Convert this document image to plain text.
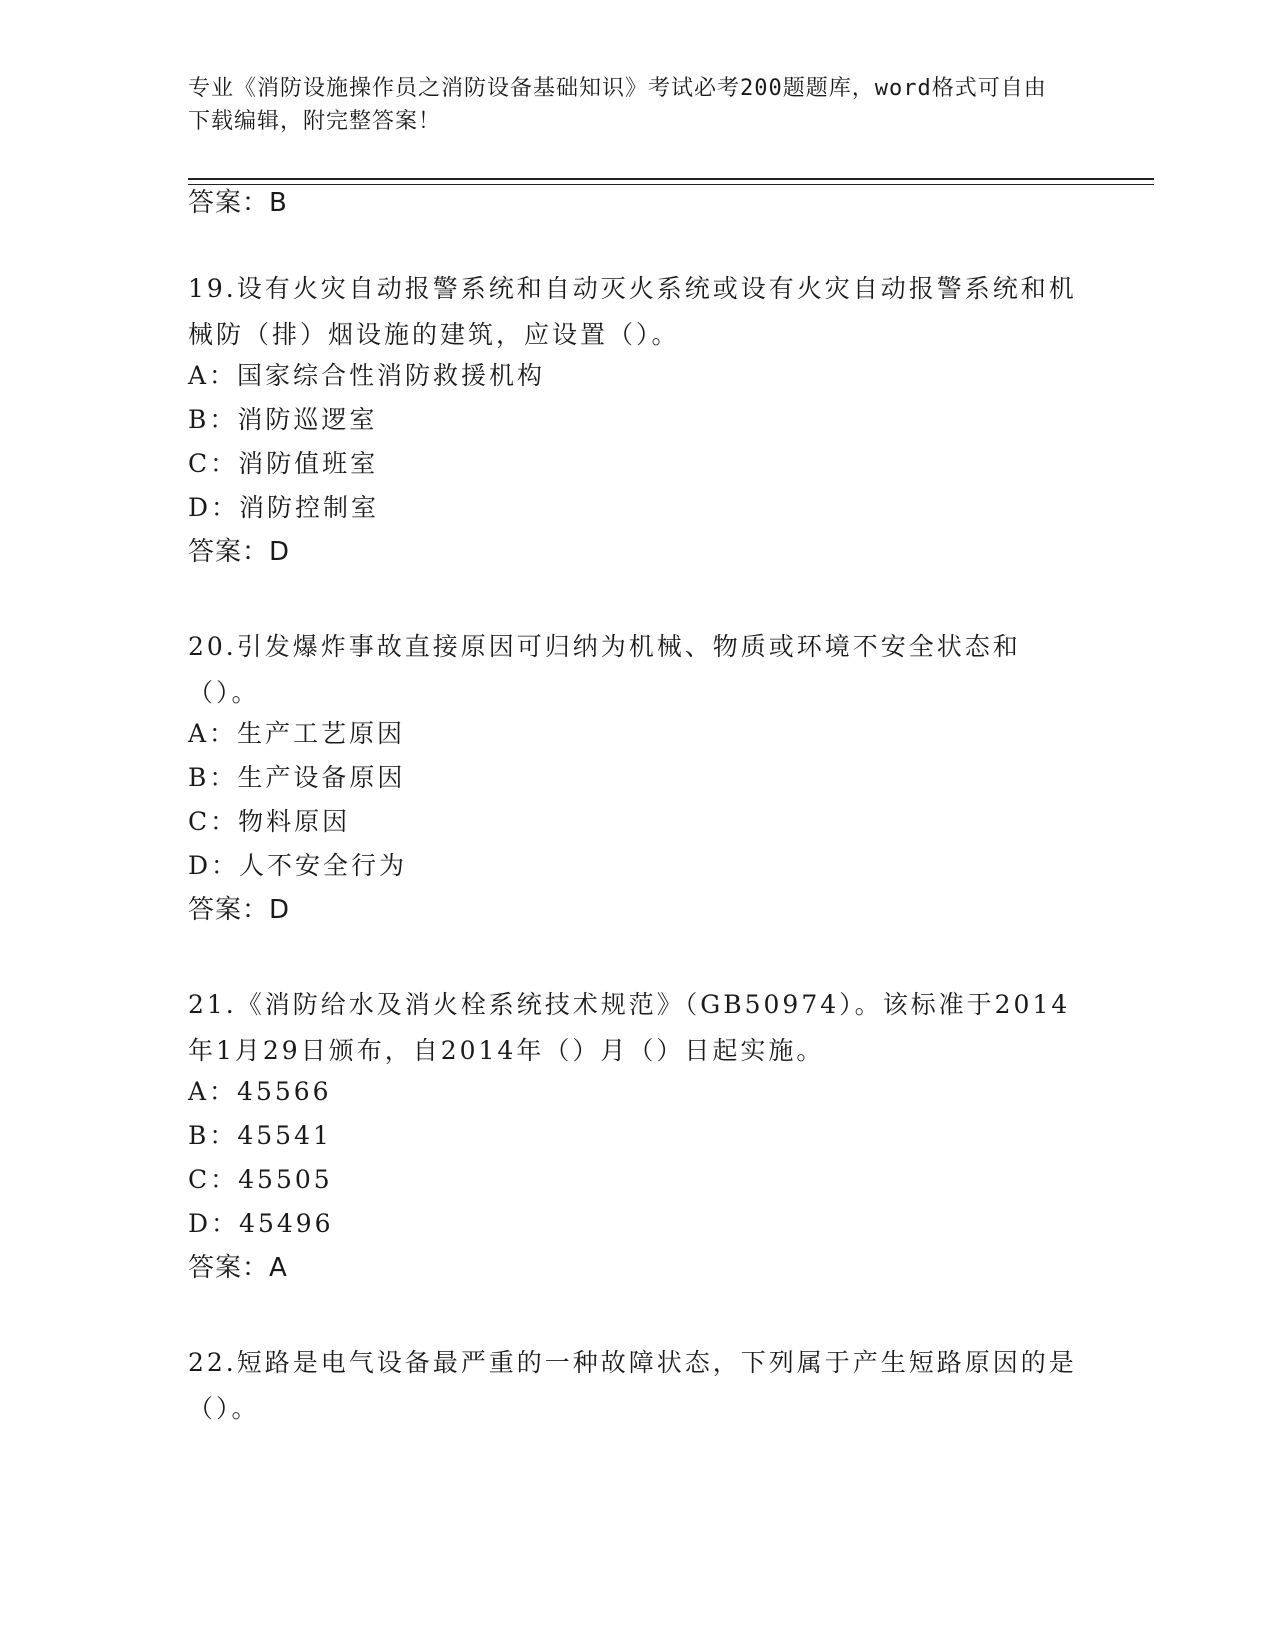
专业《消防设施操作员之消防设备基础知识》考试必考200题题库，word格式可自由下载编辑，附完整答案！
答案：B
19.设有火灾自动报警系统和自动灭火系统或设有火灾自动报警系统和机械防（排）烟设施的建筑，应设置（）。
A：国家综合性消防救援机构
B：消防巡逻室
C：消防值班室
D：消防控制室
答案：D
20.引发爆炸事故直接原因可归纳为机械、物质或环境不安全状态和（）。
A：生产工艺原因
B：生产设备原因
C：物料原因
D：人不安全行为
答案：D
21.《消防给水及消火栓系统技术规范》（GB50974）。该标准于2014年1月29日颁布，自2014年（）月（）日起实施。
A：45566
B：45541
C：45505
D：45496
答案：A
22.短路是电气设备最严重的一种故障状态，下列属于产生短路原因的是（）。
